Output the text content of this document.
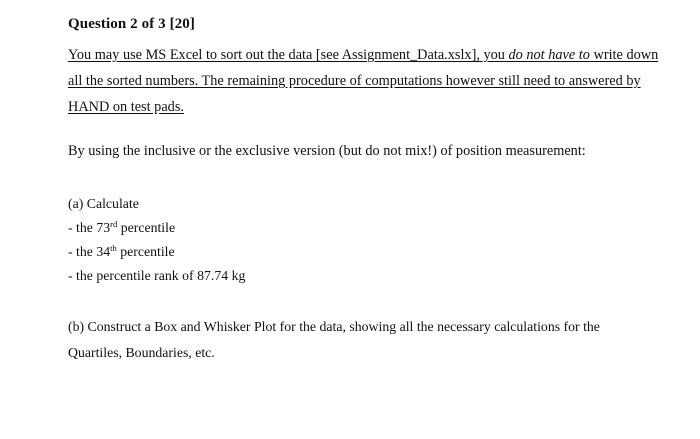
Question 2 of 3 [20]
You may use MS Excel to sort out the data [see Assignment_Data.xslx], you do not have to write down
all the sorted numbers. The remaining procedure of computations however still need to answered by
HAND on test pads.
By using the inclusive or the exclusive version (but do not mix!) of position measurement:
(a) Calculate
- the 73rd percentile
- the 34th percentile
- the percentile rank of 87.74 kg
(b) Construct a Box and Whisker Plot for the data, showing all the necessary calculations for the
Quartiles, Boundaries, etc.
